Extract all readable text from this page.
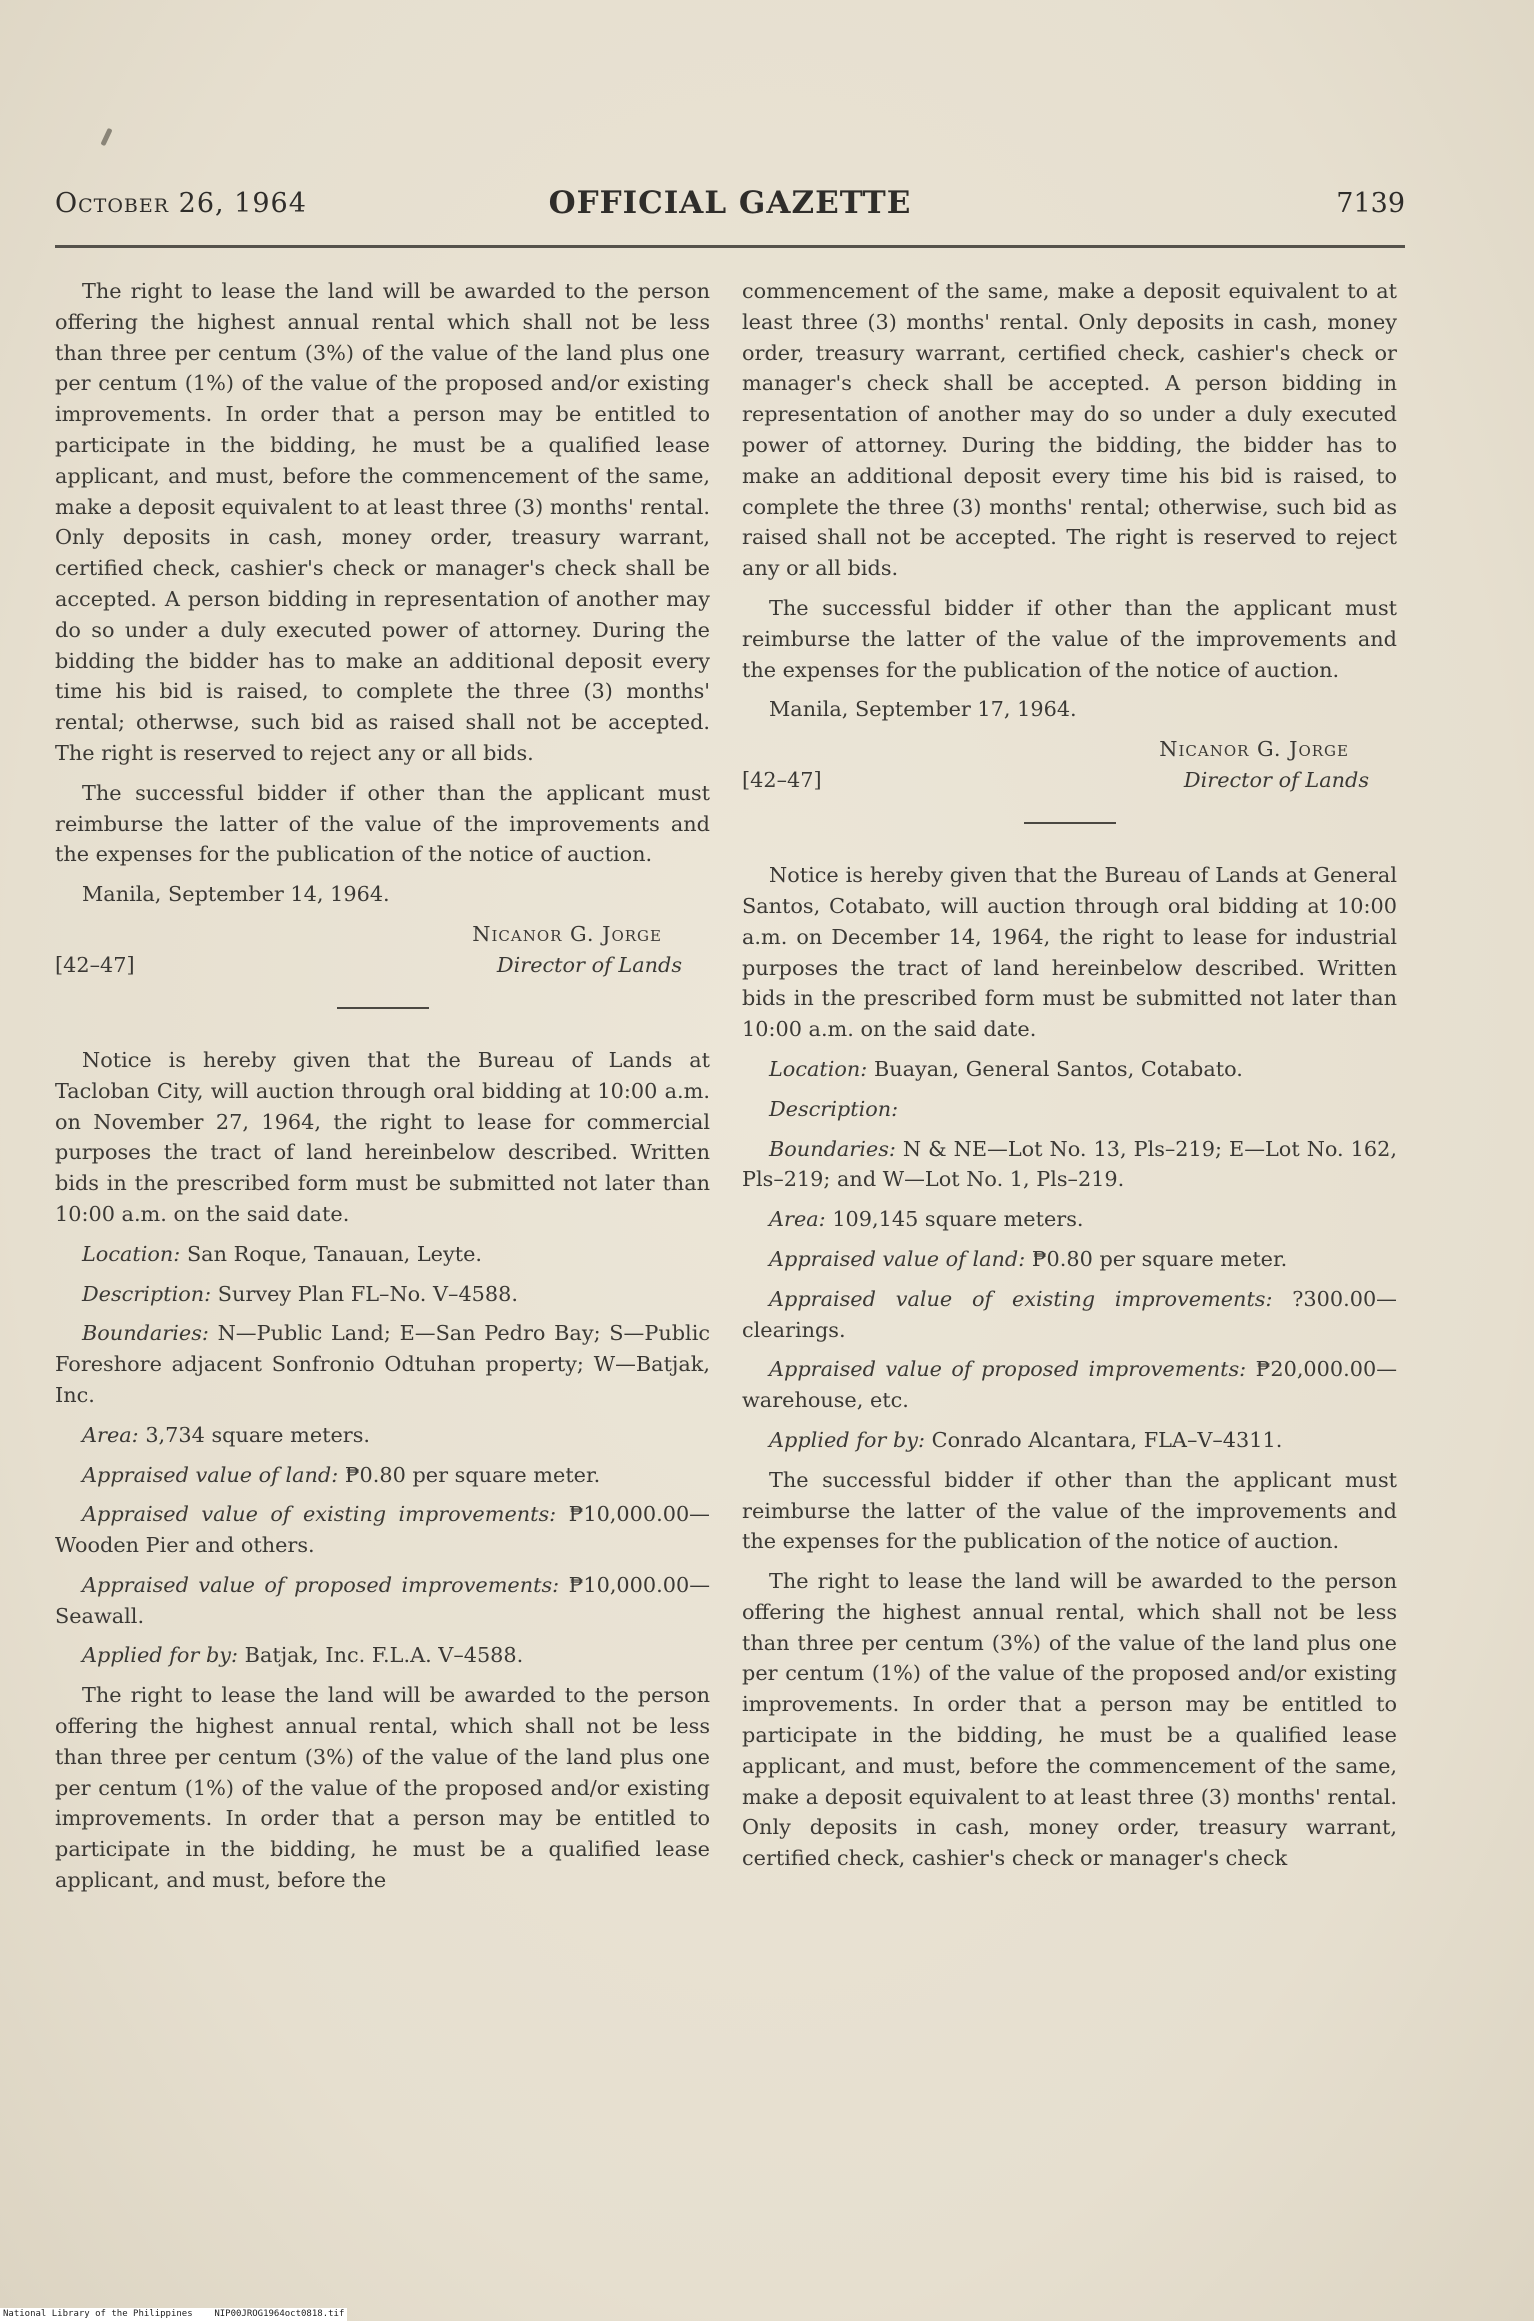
OFFICIAL GAZETTE
October 26, 1964	7139

The right to lease the land will be awarded to the person offering the highest annual rental which shall not be less than three per centum (3%) of the value of the land plus one per centum (1%) of the value of the proposed and/or existing improvements. In order that a person may be entitled to participate in the bidding, he must be a qualified lease applicant, and must, before the commencement of the same, make a deposit equivalent to at least three (3) months' rental. Only deposits in cash, money order, treasury warrant, certified check, cashier's check or manager's check shall be accepted. A person bidding in representation of another may do so under a duly executed power of attorney. During the bidding the bidder has to make an additional deposit every time his bid is raised, to complete the three (3) months' rental; otherwse, such bid as raised shall not be accepted. The right is reserved to reject any or all bids.

The successful bidder if other than the applicant must reimburse the latter of the value of the improvements and the expenses for the publication of the notice of auction.

Manila, September 14, 1964.

Nicanor G. Jorge
[42–47]	Director of Lands

Notice is hereby given that the Bureau of Lands at Tacloban City, will auction through oral bidding at 10:00 a.m. on November 27, 1964, the right to lease for commercial purposes the tract of land hereinbelow described. Written bids in the prescribed form must be submitted not later than 10:00 a.m. on the said date.

Location: San Roque, Tanauan, Leyte.

Description: Survey Plan FL–No. V–4588.

Boundaries: N—Public Land; E—San Pedro Bay; S—Public Foreshore adjacent Sonfronio Odtuhan property; W—Batjak, Inc.

Area: 3,734 square meters.

Appraised value of land: ₱0.80 per square meter.

Appraised value of existing improvements: ₱10,000.00—Wooden Pier and others.

Appraised value of proposed improvements: ₱10,000.00—Seawall.

Applied for by: Batjak, Inc. F.L.A. V–4588.

The right to lease the land will be awarded to the person offering the highest annual rental, which shall not be less than three per centum (3%) of the value of the land plus one per centum (1%) of the value of the proposed and/or existing improvements. In order that a person may be entitled to participate in the bidding, he must be a qualified lease applicant, and must, before the

commencement of the same, make a deposit equivalent to at least three (3) months' rental. Only deposits in cash, money order, treasury warrant, certified check, cashier's check or manager's check shall be accepted. A person bidding in representation of another may do so under a duly executed power of attorney. During the bidding, the bidder has to make an additional deposit every time his bid is raised, to complete the three (3) months' rental; otherwise, such bid as raised shall not be accepted. The right is reserved to reject any or all bids.

The successful bidder if other than the applicant must reimburse the latter of the value of the improvements and the expenses for the publication of the notice of auction.

Manila, September 17, 1964.

Nicanor G. Jorge
[42–47]	Director of Lands

Notice is hereby given that the Bureau of Lands at General Santos, Cotabato, will auction through oral bidding at 10:00 a.m. on December 14, 1964, the right to lease for industrial purposes the tract of land hereinbelow described. Written bids in the prescribed form must be submitted not later than 10:00 a.m. on the said date.

Location: Buayan, General Santos, Cotabato.

Description:

Boundaries: N & NE—Lot No. 13, Pls–219; E—Lot No. 162, Pls–219; and W—Lot No. 1, Pls–219.

Area: 109,145 square meters.

Appraised value of land: ₱0.80 per square meter.

Appraised value of existing improvements: ?300.00—clearings.

Appraised value of proposed improvements: ₱20,000.00—warehouse, etc.

Applied for by: Conrado Alcantara, FLA–V–4311.

The successful bidder if other than the applicant must reimburse the latter of the value of the improvements and the expenses for the publication of the notice of auction.

The right to lease the land will be awarded to the person offering the highest annual rental, which shall not be less than three per centum (3%) of the value of the land plus one per centum (1%) of the value of the proposed and/or existing improvements. In order that a person may be entitled to participate in the bidding, he must be a qualified lease applicant, and must, before the commencement of the same, make a deposit equivalent to at least three (3) months' rental. Only deposits in cash, money order, treasury warrant, certified check, cashier's check or manager's check

National Library of the Philippines    NIP00JROG1964oct0818.tif
